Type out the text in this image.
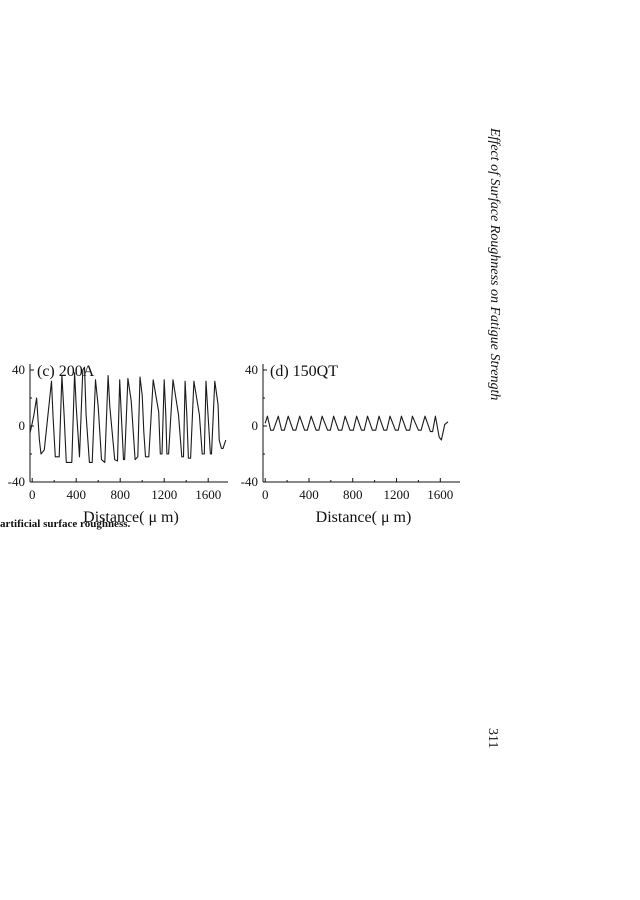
0 400 800 1200 1600
-40
0
40 (c) 200A
Distance( μ m)
0 400 800 1200 1600
-40
0
40 (d) 150QT
Distance( μ m)
artificial surface roughness.
Effect of Surface Roughness on Fatigue Strength
311
